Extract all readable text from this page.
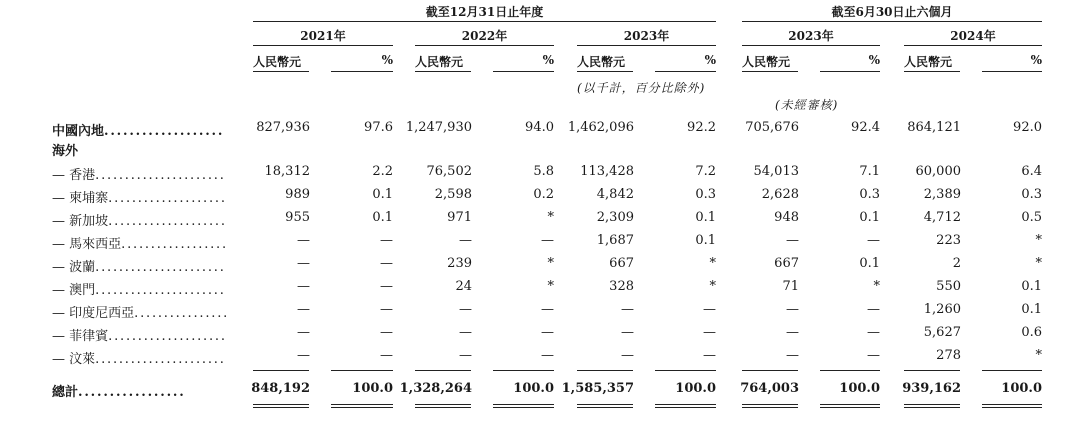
截至12月31日止年度	截至6月30日止六個月
2021年	2022年	2023年	2023年	2024年
人民幣元	% 人民幣元	% 人民幣元	% 人民幣元	% 人民幣元	%
(以千計，百分比除外)
(未經審核)
中國內地...................	827,936	97.6 1,247,930	94.0	1,462,096	92.2	705,676	92.4	864,121	92.0
海外
— 香港......................	18,312	2.2	76,502	5.8	113,428	7.2	54,013	7.1	60,000	6.4
— 柬埔寨....................	989	0.1	2,598	0.2	4,842	0.3	2,628	0.3	2,389	0.3
— 新加坡....................	955	0.1	971	*	2,309	0.1	948	0.1	4,712	0.5
— 馬來西亞..................	—	—	—	—	1,687	0.1	—	—	223	*
— 波蘭......................	—	—	239	*	667	*	667	0.1	2	*
— 澳門......................	—	—	24	*	328	*	71	*	550	0.1
— 印度尼西亞................	—	—	—	—	—	—	—	—	1,260	0.1
— 菲律賓....................	—	—	—	—	—	—	—	—	5,627	0.6
— 汶萊......................	—	—	—	—	—	—	—	—	278	*
總計.................	848,192	100.0 1,328,264	100.0 1,585,357	100.0	764,003	100.0	939,162	100.0
